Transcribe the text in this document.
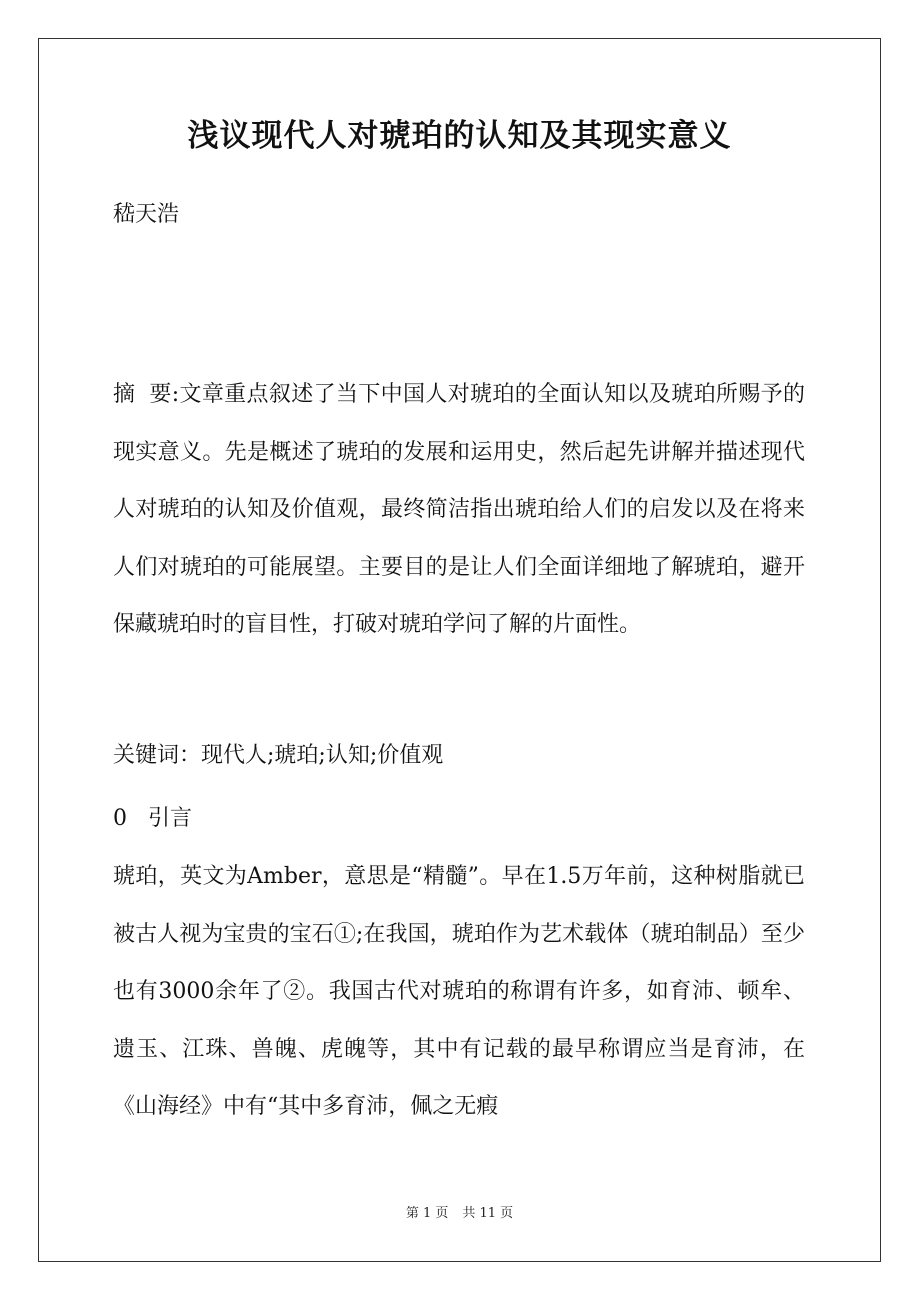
浅议现代人对琥珀的认知及其现实意义
嵇天浩

摘 要:文章重点叙述了当下中国人对琥珀的全面认知以及琥珀所赐予的现实意义。先是概述了琥珀的发展和运用史，然后起先讲解并描述现代人对琥珀的认知及价值观，最终简洁指出琥珀给人们的启发以及在将来人们对琥珀的可能展望。主要目的是让人们全面详细地了解琥珀，避开保藏琥珀时的盲目性，打破对琥珀学问了解的片面性。

关键词：现代人;琥珀;认知;价值观

0 引言

琥珀，英文为Amber，意思是“精髓”。早在1.5万年前，这种树脂就已被古人视为宝贵的宝石①;在我国，琥珀作为艺术载体（琥珀制品）至少也有3000余年了②。我国古代对琥珀的称谓有许多，如育沛、顿牟、遗玉、江珠、兽魄、虎魄等，其中有记载的最早称谓应当是育沛，在《山海经》中有“其中多育沛，佩之无瘕

第 1 页 共 11 页
